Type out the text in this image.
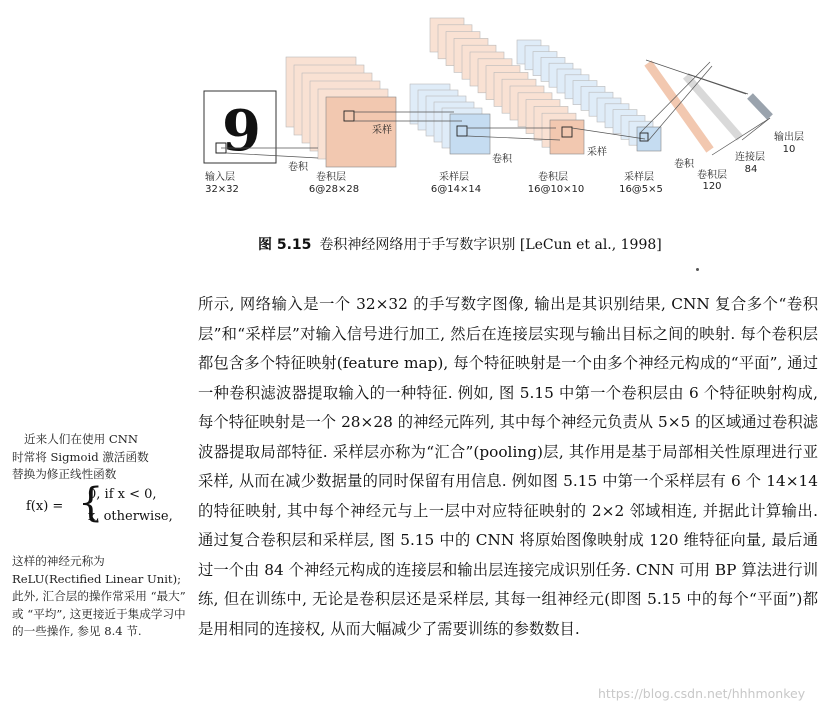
9
卷积
采样
卷积
采样
卷积
输入层
32×32
卷积层
6@28×28
采样层
6@14×14
卷积层
16@10×10
采样层
16@5×5
卷积层
120
连接层
84
输出层
10
图 5.15 卷积神经网络用于手写数字识别 [LeCun et al., 1998]

所示, 网络输入是一个 32×32 的手写数字图像, 输出是其识别结果, CNN 复合多个“卷积层”和“采样层”对输入信号进行加工, 然后在连接层实现与输出目标之间的映射. 每个卷积层都包含多个特征映射(feature map), 每个特征映射是一个由多个神经元构成的“平面”, 通过一种卷积滤波器提取输入的一种特征. 例如, 图 5.15 中第一个卷积层由 6 个特征映射构成, 每个特征映射是一个 28×28 的神经元阵列, 其中每个神经元负责从 5×5 的区域通过卷积滤波器提取局部特征. 采样层亦称为“汇合”(pooling)层, 其作用是基于局部相关性原理进行亚采样, 从而在减少数据量的同时保留有用信息. 例如图 5.15 中第一个采样层有 6 个 14×14 的特征映射, 其中每个神经元与上一层中对应特征映射的 2×2 邻域相连, 并据此计算输出. 通过复合卷积层和采样层, 图 5.15 中的 CNN 将原始图像映射成 120 维特征向量, 最后通过一个由 84 个神经元构成的连接层和输出层连接完成识别任务. CNN 可用 BP 算法进行训练, 但在训练中, 无论是卷积层还是采样层, 其每一组神经元(即图 5.15 中的每个“平面”)都是用相同的连接权, 从而大幅减少了需要训练的参数数目.

近来人们在使用 CNN

时常将 Sigmoid 激活函数

替换为修正线性函数

f(x) = {
0, if x < 0,
x, otherwise,

这样的神经元称为 ReLU(Rectified Linear Unit); 此外, 汇合层的操作常采用 “最大” 或 “平均”, 这更接近于集成学习中的一些操作, 参见 8.4 节.

https://blog.csdn.net/hhhmonkey
